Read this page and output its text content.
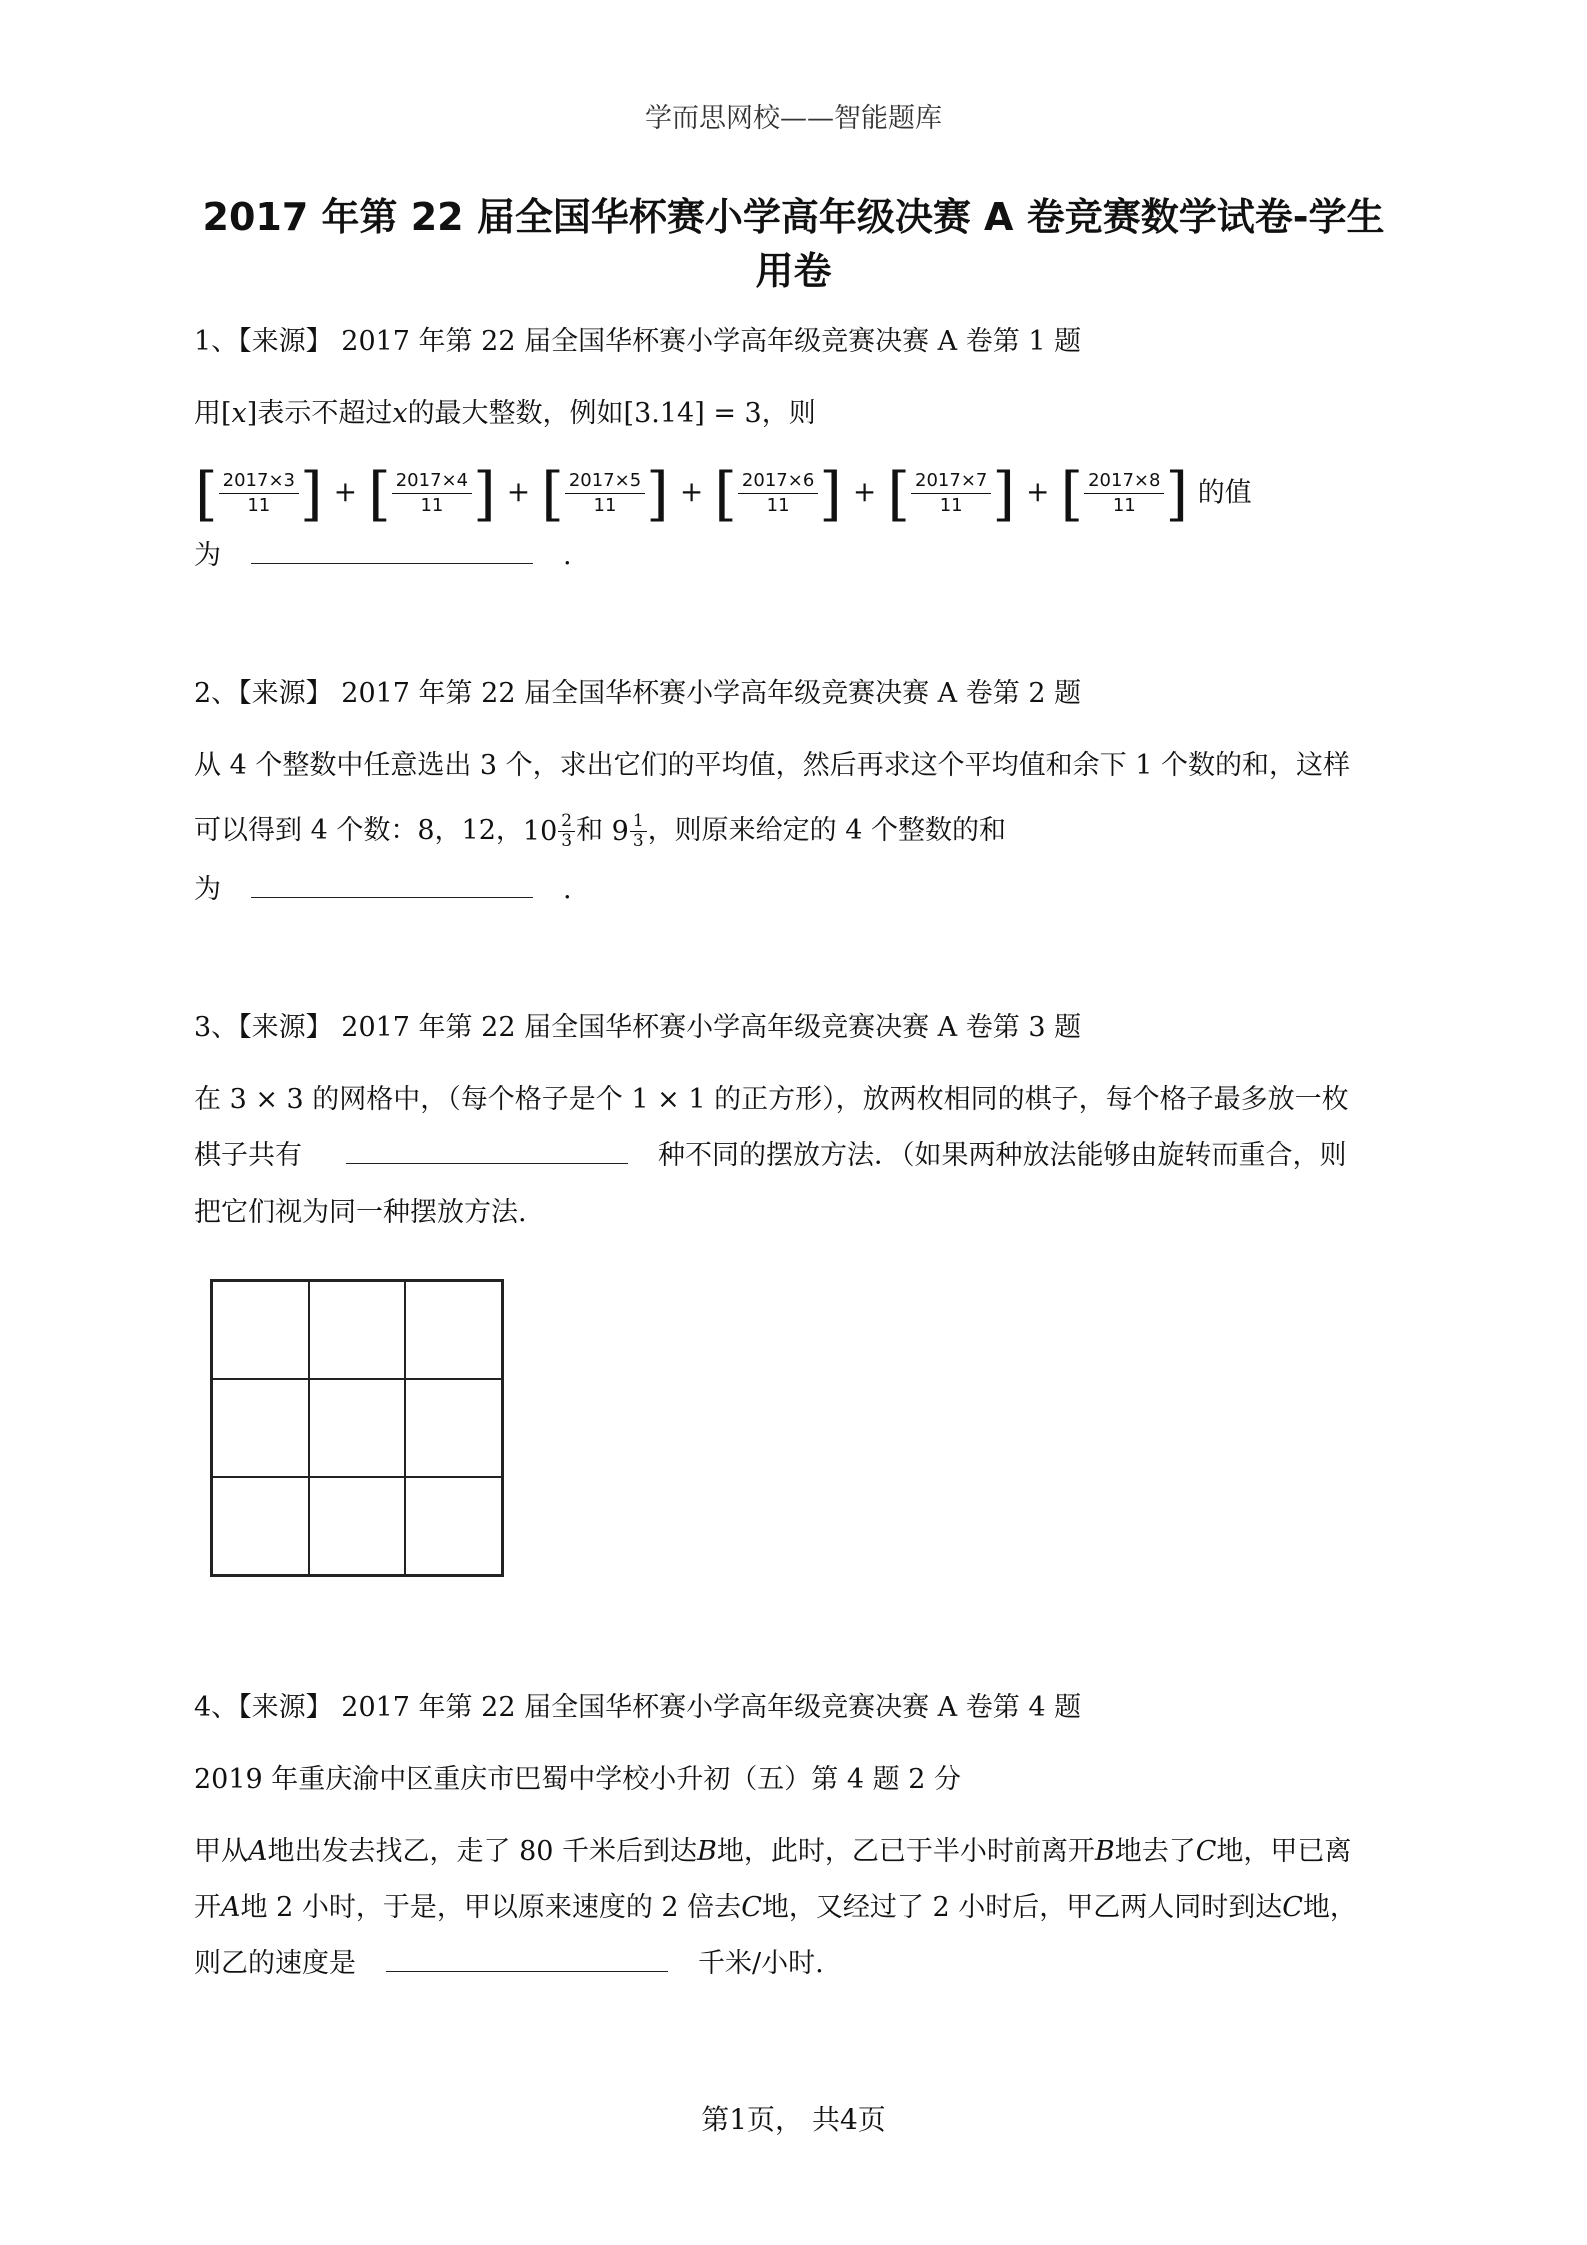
学而思网校——智能题库
2017 年第 22 届全国华杯赛小学高年级决赛 A 卷竞赛数学试卷-学生
用卷
1、【来源】 2017 年第 22 届全国华杯赛小学高年级竞赛决赛 A 卷第 1 题
用[x]表示不超过x的最大整数，例如[3.14] = 3，则
[ $\frac{2017\times 3}{11}$ ] + [ $\frac{2017\times 4}{11}$ ] + [ $\frac{2017\times 5}{11}$ ] + [ $\frac{2017\times 6}{11}$ ] + [ $\frac{2017\times 7}{11}$ ] + [ $\frac{2017\times 8}{11}$ ] 的值
为	.
2、【来源】 2017 年第 22 届全国华杯赛小学高年级竞赛决赛 A 卷第 2 题
从 4 个整数中任意选出 3 个，求出它们的平均值，然后再求这个平均值和余下 1 个数的和，这样
可以得到 4 个数：8，12， $10 \frac{2}{3}$ 和 $9 \frac{1}{3}$ ，则原来给定的 4 个整数的和
为	.
3、【来源】 2017 年第 22 届全国华杯赛小学高年级竞赛决赛 A 卷第 3 题
在 3 × 3 的网格中，（每个格子是个 1 × 1 的正方形），放两枚相同的棋子，每个格子最多放一枚
棋子共有	种不同的摆放方法．（如果两种放法能够由旋转而重合，则
把它们视为同一种摆放方法.
4、【来源】 2017 年第 22 届全国华杯赛小学高年级竞赛决赛 A 卷第 4 题
2019 年重庆渝中区重庆市巴蜀中学校小升初（五）第 4 题 2 分
甲从A地出发去找乙，走了 80 千米后到达B地，此时，乙已于半小时前离开B地去了C地，甲已离
开A地 2 小时，于是，甲以原来速度的 2 倍去C地，又经过了 2 小时后，甲乙两人同时到达C地，
则乙的速度是	千米/小时.
第1页， 共4页
